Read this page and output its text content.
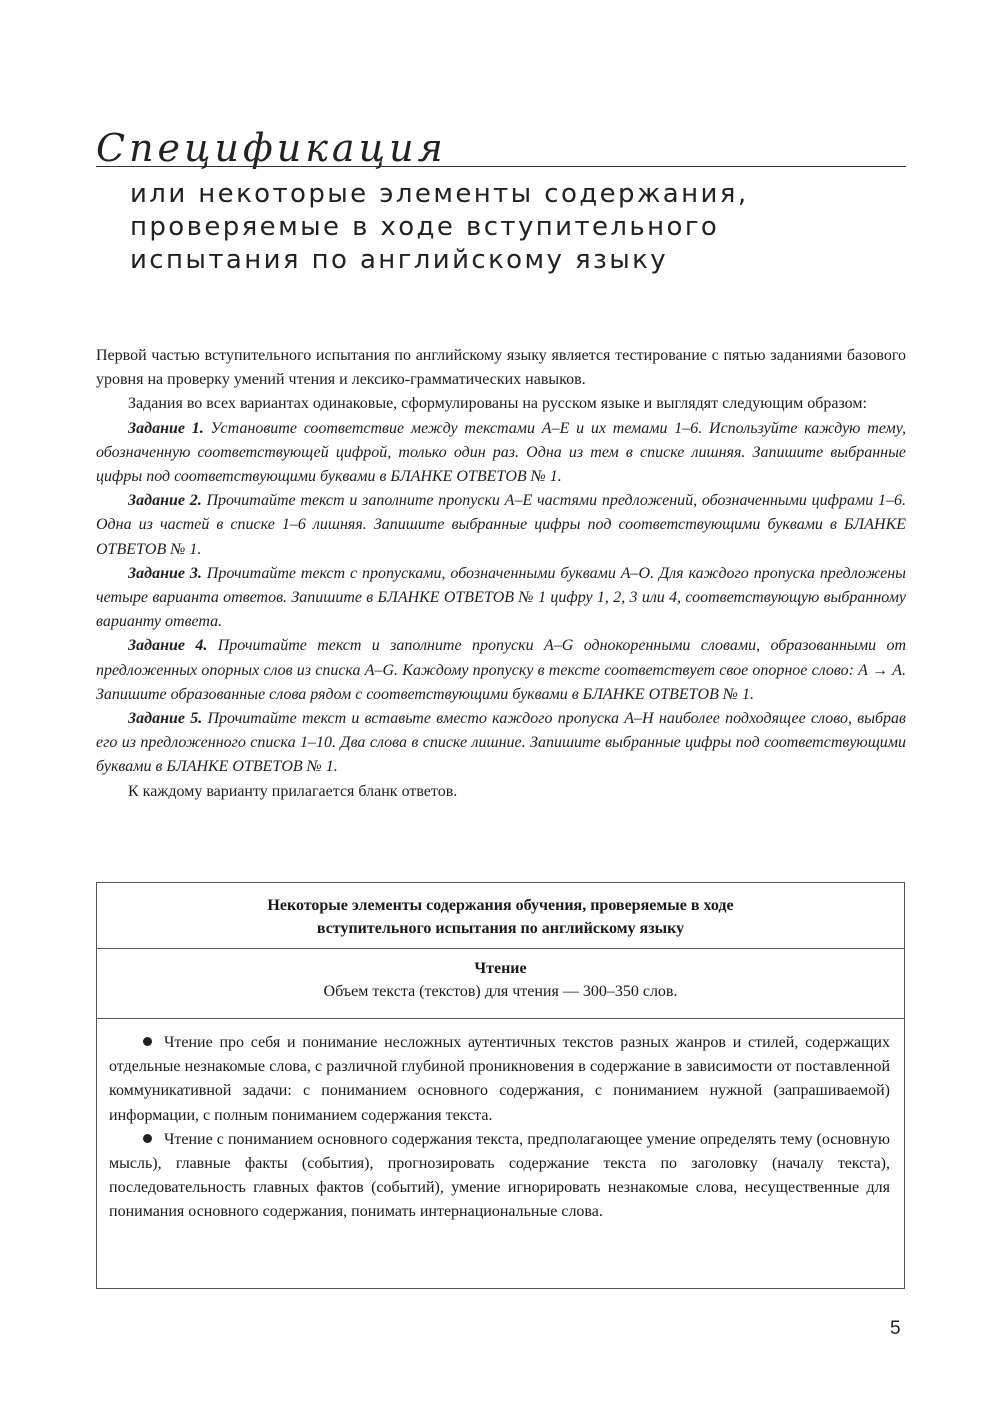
Спецификация
или некоторые элементы содержания,
проверяемые в ходе вступительного
испытания по английскому языку

Первой частью вступительного испытания по английскому языку является тестирование с пятью заданиями базового уровня на проверку умений чтения и лексико-грамматических навыков.

Задания во всех вариантах одинаковые, сформулированы на русском языке и выглядят следующим образом:

Задание 1. Установите соответствие между текстами А–Е и их темами 1–6. Используйте каждую тему, обозначенную соответствующей цифрой, только один раз. Одна из тем в списке лишняя. Запишите выбранные цифры под соответствующими буквами в БЛАНКЕ ОТВЕТОВ № 1.

Задание 2. Прочитайте текст и заполните пропуски А–Е частями предложений, обозначенными цифрами 1–6. Одна из частей в списке 1–6 лишняя. Запишите выбранные цифры под соответствующими буквами в БЛАНКЕ ОТВЕТОВ № 1.

Задание 3. Прочитайте текст с пропусками, обозначенными буквами А–О. Для каждого пропуска предложены четыре варианта ответов. Запишите в БЛАНКЕ ОТВЕТОВ № 1 цифру 1, 2, 3 или 4, соответствующую выбранному варианту ответа.

Задание 4. Прочитайте текст и заполните пропуски А–G однокоренными словами, образованными от предложенных опорных слов из списка А–G. Каждому пропуску в тексте соответствует свое опорное слово: А → А. Запишите образованные слова рядом с соответствующими буквами в БЛАНКЕ ОТВЕТОВ № 1.

Задание 5. Прочитайте текст и вставьте вместо каждого пропуска А–Н наиболее подходящее слово, выбрав его из предложенного списка 1–10. Два слова в списке лишние. Запишите выбранные цифры под соответствующими буквами в БЛАНКЕ ОТВЕТОВ № 1.

К каждому варианту прилагается бланк ответов.

Некоторые элементы содержания обучения, проверяемые в ходе
вступительного испытания по английскому языку
Чтение
Объем текста (текстов) для чтения — 300–350 слов.

Чтение про себя и понимание несложных аутентичных текстов разных жанров и стилей, содержащих отдельные незнакомые слова, с различной глубиной проникновения в содержание в зависимости от поставленной коммуникативной задачи: с пониманием основного содержания, с пониманием нужной (запрашиваемой) информации, с полным пониманием содержания текста.

Чтение с пониманием основного содержания текста, предполагающее умение определять тему (основную мысль), главные факты (события), прогнозировать содержание текста по заголовку (началу текста), последовательность главных фактов (событий), умение игнорировать незнакомые слова, несущественные для понимания основного содержания, понимать интернациональные слова.

5
